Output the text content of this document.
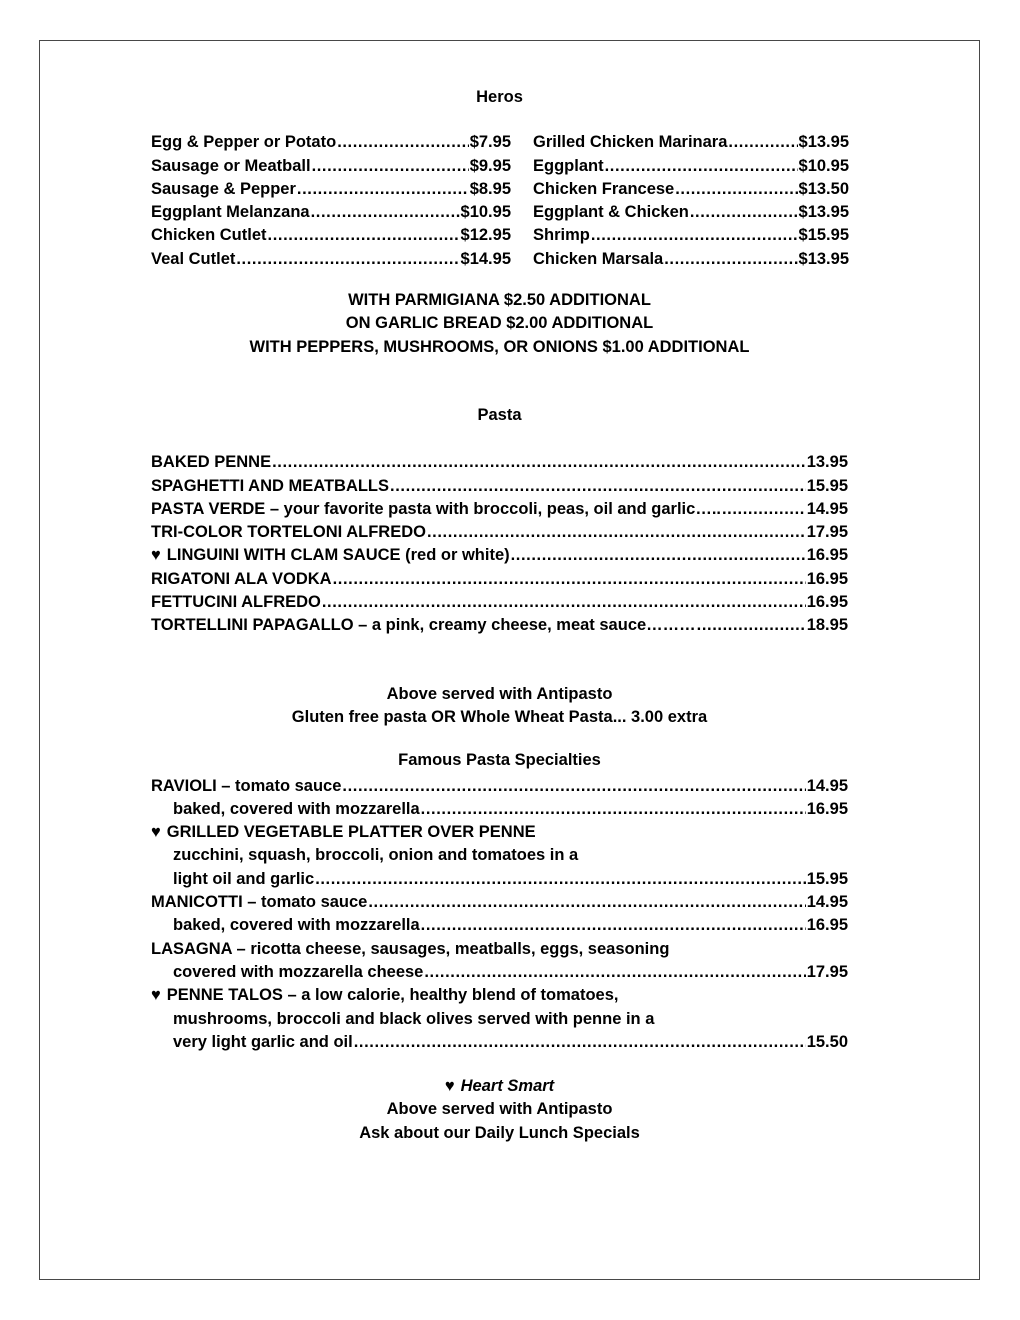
Heros
Egg & Pepper or Potato .....	$7.95
Sausage or Meatball .....	$9.95
Sausage & Pepper .....	$8.95
Eggplant Melanzana .....	$10.95
Chicken Cutlet .....	$12.95
Veal Cutlet .....	$14.95
Grilled Chicken Marinara .....	$13.95
Eggplant .....	$10.95
Chicken Francese .....	$13.50
Eggplant & Chicken .....	$13.95
Shrimp .....	$15.95
Chicken Marsala .....	$13.95
WITH PARMIGIANA $2.50 ADDITIONAL
ON GARLIC BREAD $2.00 ADDITIONAL
WITH PEPPERS, MUSHROOMS, OR ONIONS $1.00 ADDITIONAL
Pasta
BAKED PENNE .....	13.95
SPAGHETTI AND MEATBALLS .....	15.95
PASTA VERDE – your favorite pasta with broccoli, peas, oil and garlic….. .....	14.95
TRI-COLOR TORTELONI ALFREDO .....	17.95
♥ LINGUINI WITH CLAM SAUCE (red or white) .....	16.95
RIGATONI ALA VODKA .....	16.95
FETTUCINI ALFREDO .....	16.95
TORTELLINI PAPAGALLO – a pink, creamy cheese, meat sauce……… .....	18.95
Above served with Antipasto
Gluten free pasta OR Whole Wheat Pasta... 3.00 extra
Famous Pasta Specialties
RAVIOLI – tomato sauce .....	14.95
baked, covered with mozzarella .....	16.95
♥ GRILLED VEGETABLE PLATTER OVER PENNE
zucchini, squash, broccoli, onion and tomatoes in a
light oil and garlic .....	15.95
MANICOTTI – tomato sauce .....	14.95
baked, covered with mozzarella .....	16.95
LASAGNA – ricotta cheese, sausages, meatballs, eggs, seasoning
covered with mozzarella cheese .....	17.95
♥ PENNE TALOS – a low calorie, healthy blend of tomatoes,
mushrooms, broccoli and black olives served with penne in a
very light garlic and oil .....	15.50
♥ Heart Smart
Above served with Antipasto
Ask about our Daily Lunch Specials
